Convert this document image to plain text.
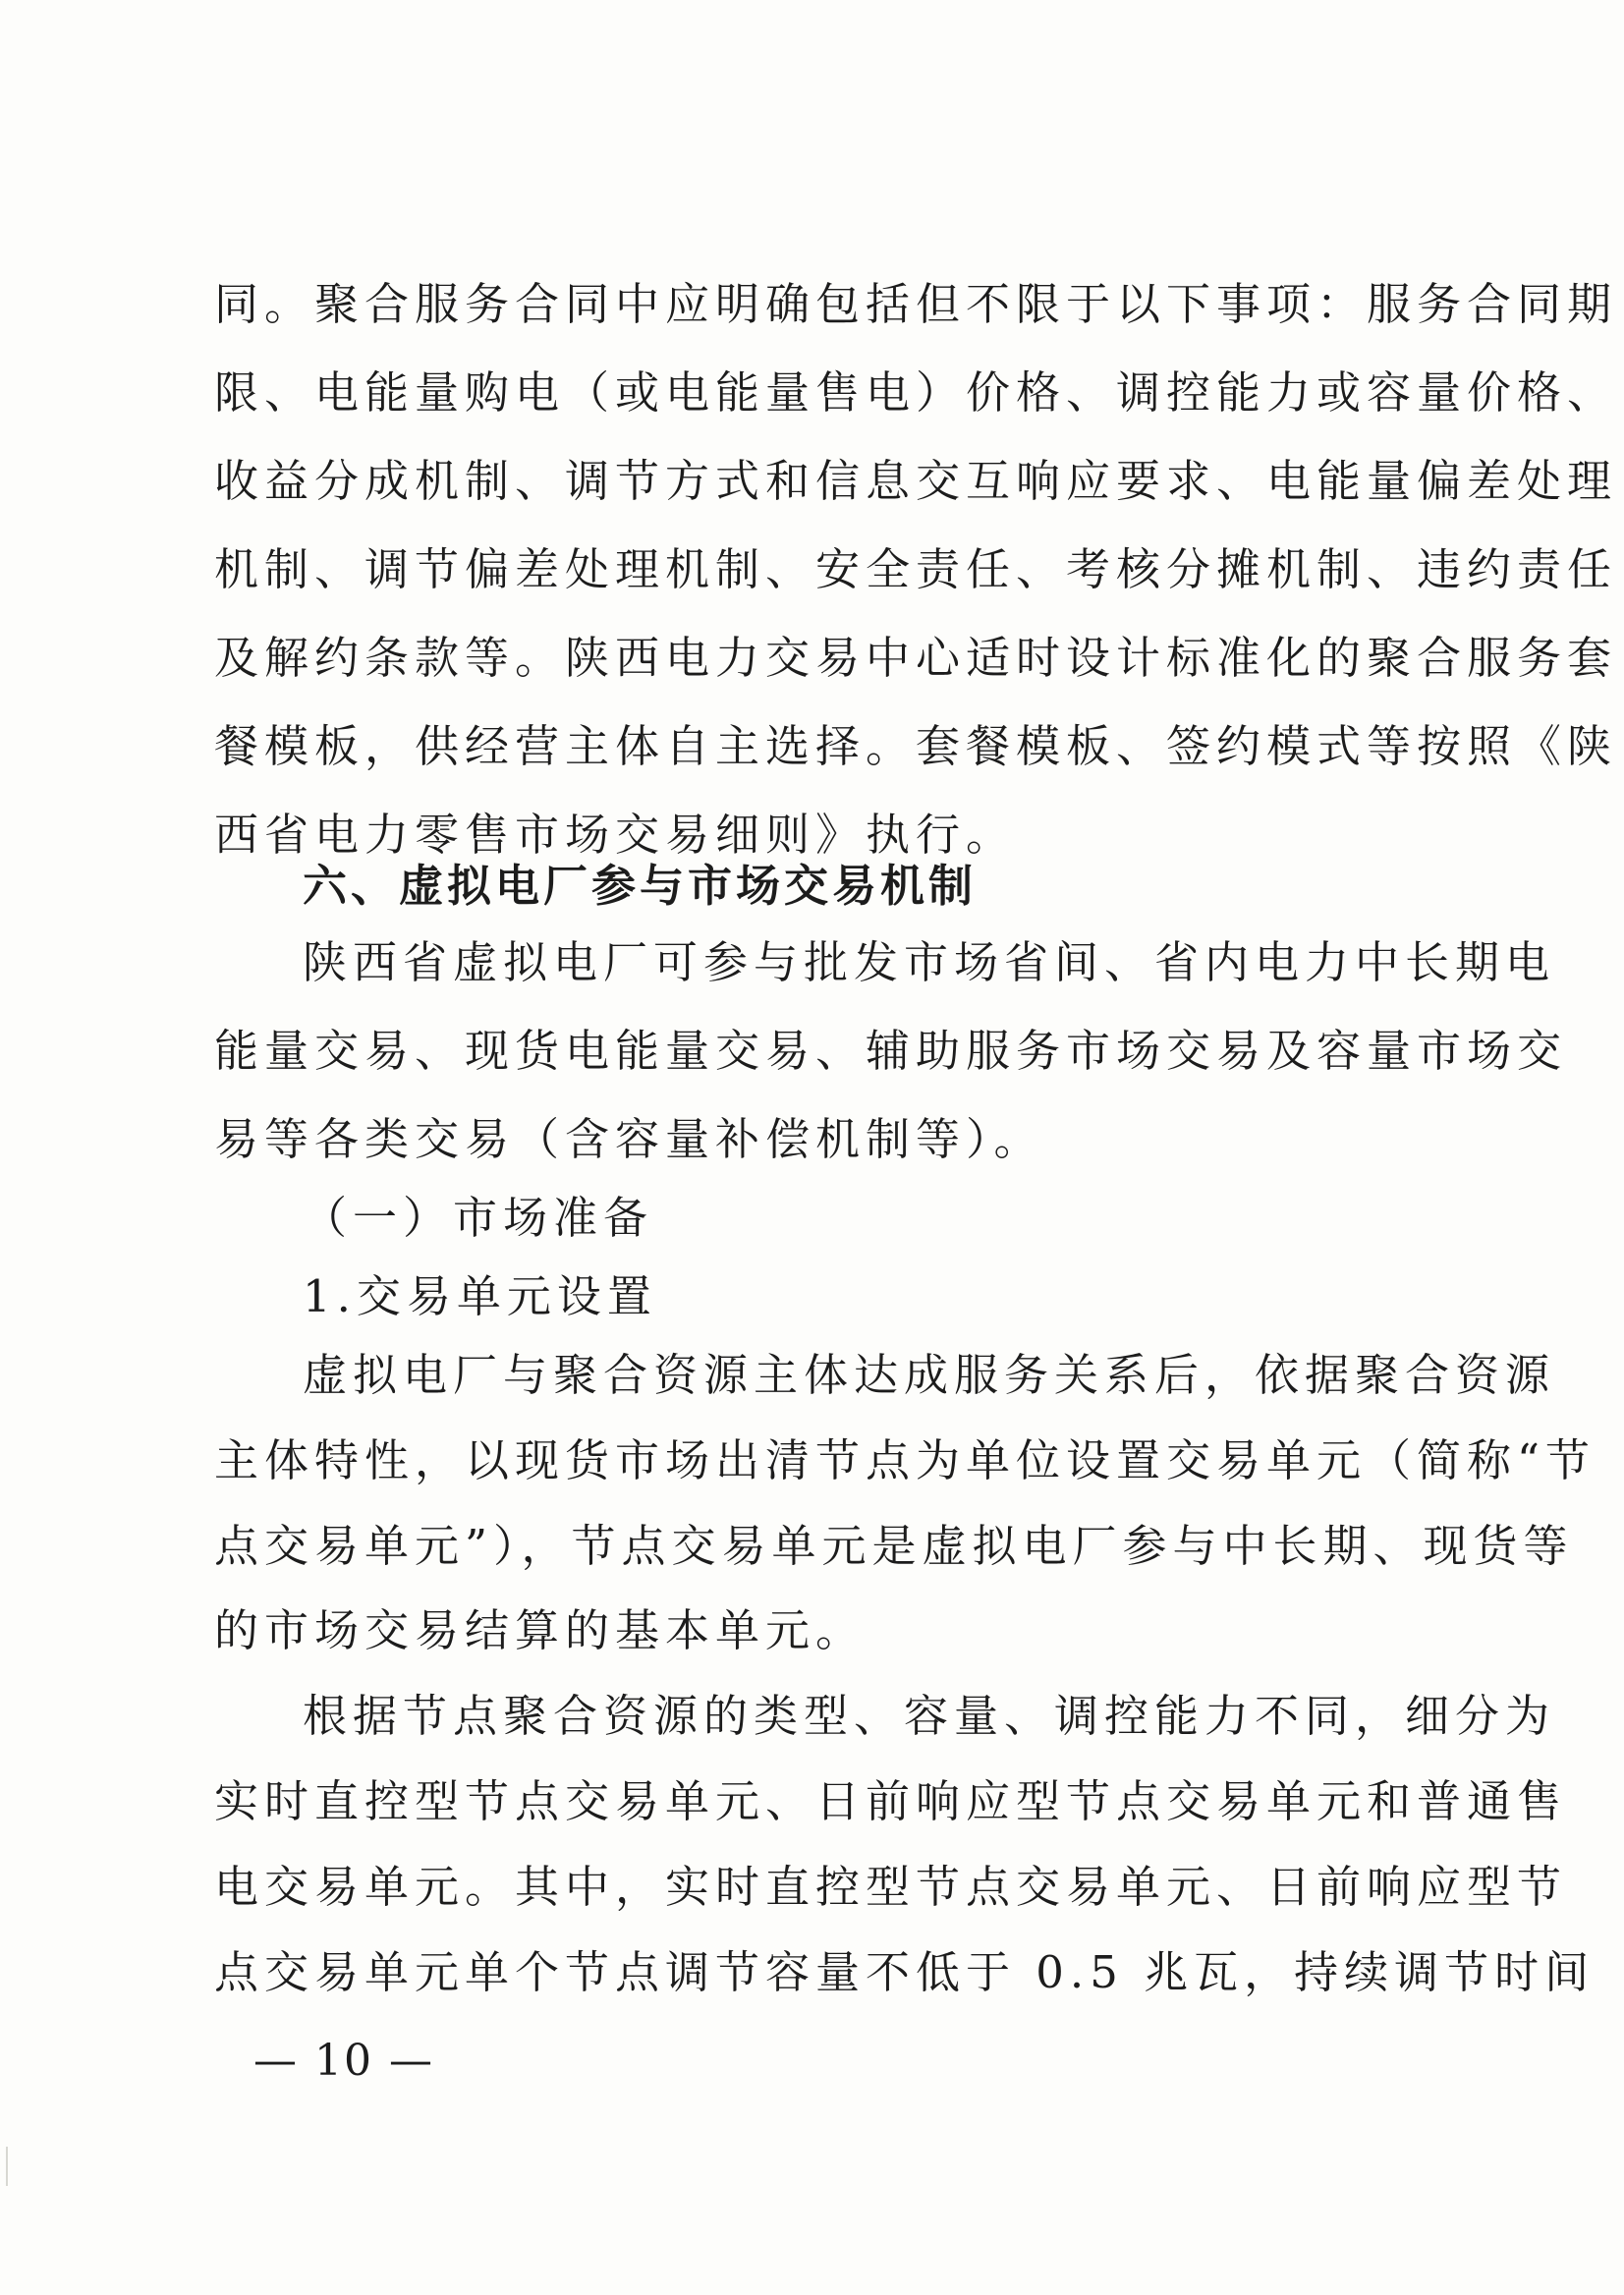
同。聚合服务合同中应明确包括但不限于以下事项：服务合同期
限、电能量购电（或电能量售电）价格、调控能力或容量价格、
收益分成机制、调节方式和信息交互响应要求、电能量偏差处理
机制、调节偏差处理机制、安全责任、考核分摊机制、违约责任
及解约条款等。陕西电力交易中心适时设计标准化的聚合服务套
餐模板，供经营主体自主选择。套餐模板、签约模式等按照《陕
西省电力零售市场交易细则》执行。
六、虚拟电厂参与市场交易机制
陕西省虚拟电厂可参与批发市场省间、省内电力中长期电
能量交易、现货电能量交易、辅助服务市场交易及容量市场交
易等各类交易（含容量补偿机制等）。
（一）市场准备
1.交易单元设置
虚拟电厂与聚合资源主体达成服务关系后，依据聚合资源
主体特性，以现货市场出清节点为单位设置交易单元（简称“节
点交易单元”），节点交易单元是虚拟电厂参与中长期、现货等
的市场交易结算的基本单元。
根据节点聚合资源的类型、容量、调控能力不同，细分为
实时直控型节点交易单元、日前响应型节点交易单元和普通售
电交易单元。其中，实时直控型节点交易单元、日前响应型节
点交易单元单个节点调节容量不低于 0.5 兆瓦，持续调节时间
— 10 —
